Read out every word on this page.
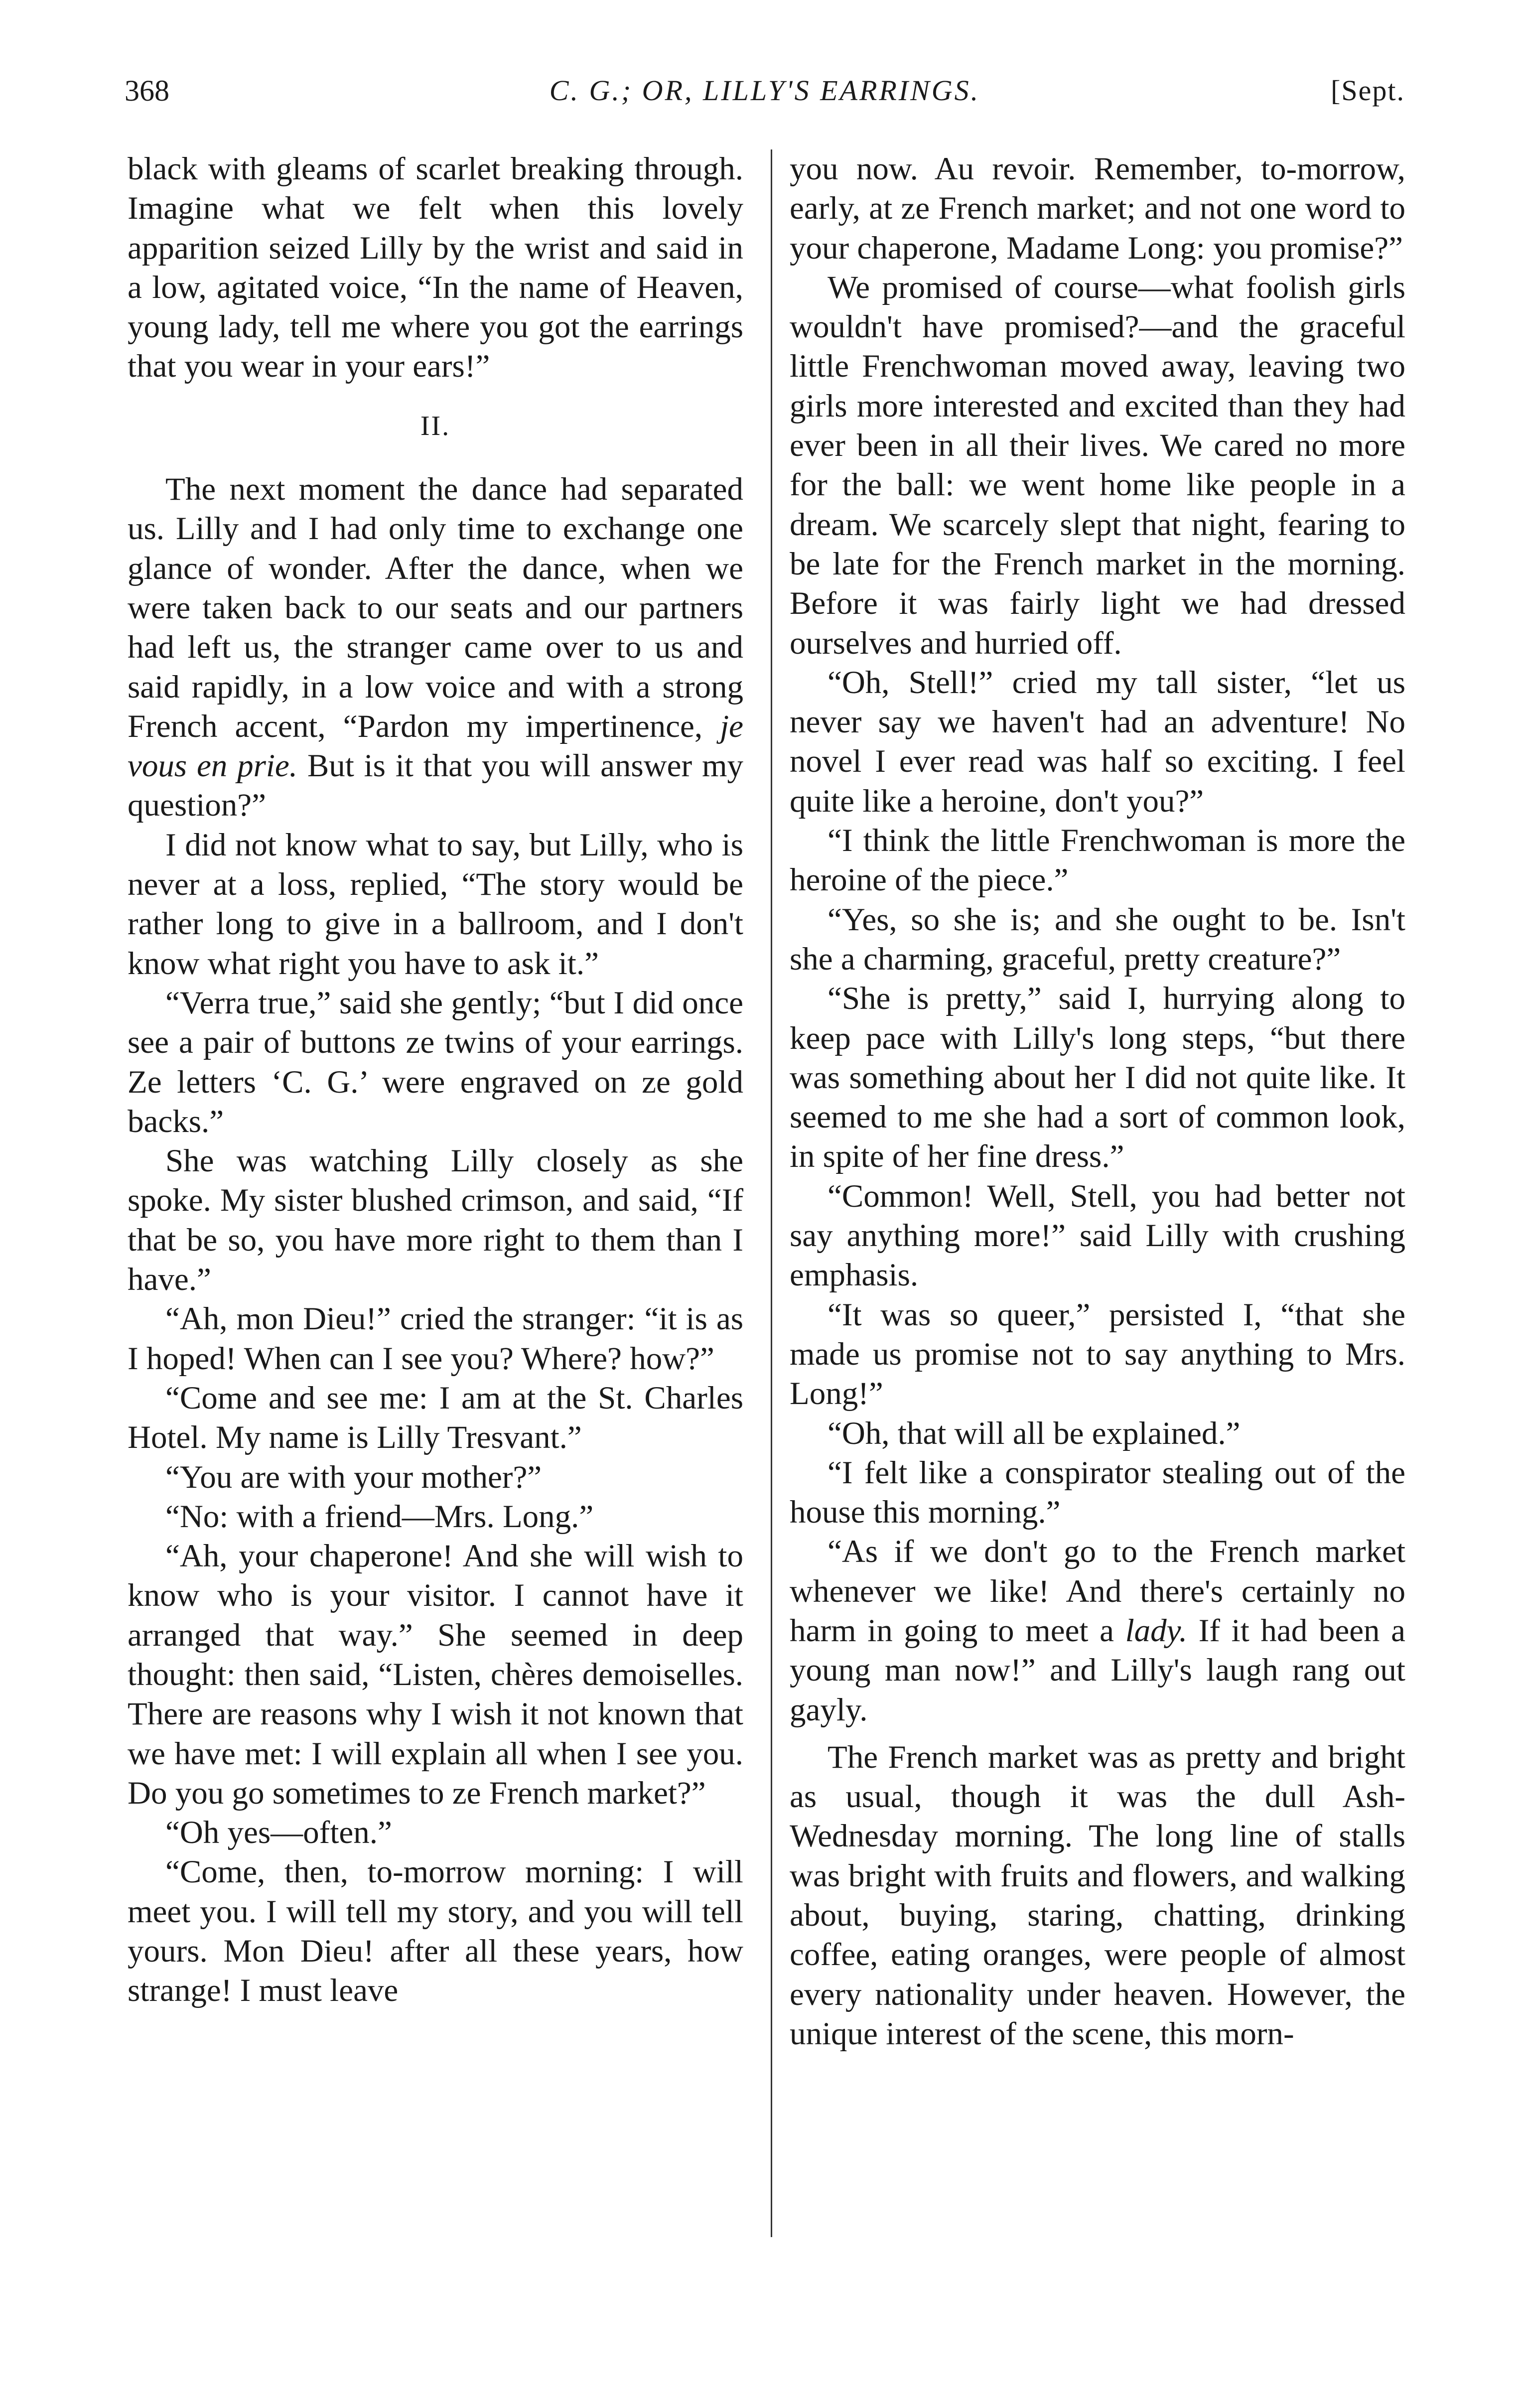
368	C. G.; OR, LILLY'S EARRINGS.	[Sept.

black with gleams of scarlet breaking through. Imagine what we felt when this lovely apparition seized Lilly by the wrist and said in a low, agitated voice, “In the name of Heaven, young lady, tell me where you got the earrings that you wear in your ears!”

II.

The next moment the dance had separated us. Lilly and I had only time to exchange one glance of wonder. After the dance, when we were taken back to our seats and our partners had left us, the stranger came over to us and said rapidly, in a low voice and with a strong French accent, “Pardon my impertinence, je vous en prie. But is it that you will answer my question?”

I did not know what to say, but Lilly, who is never at a loss, replied, “The story would be rather long to give in a ballroom, and I don't know what right you have to ask it.”

“Verra true,” said she gently; “but I did once see a pair of buttons ze twins of your earrings. Ze letters ‘C. G.’ were engraved on ze gold backs.”

She was watching Lilly closely as she spoke. My sister blushed crimson, and said, “If that be so, you have more right to them than I have.”

“Ah, mon Dieu!” cried the stranger: “it is as I hoped! When can I see you? Where? how?”

“Come and see me: I am at the St. Charles Hotel. My name is Lilly Tresvant.”

“You are with your mother?”

“No: with a friend—Mrs. Long.”

“Ah, your chaperone! And she will wish to know who is your visitor. I cannot have it arranged that way.” She seemed in deep thought: then said, “Listen, chères demoiselles. There are reasons why I wish it not known that we have met: I will explain all when I see you. Do you go sometimes to ze French market?”

“Oh yes—often.”

“Come, then, to-morrow morning: I will meet you. I will tell my story, and you will tell yours. Mon Dieu! after all these years, how strange! I must leave

you now. Au revoir. Remember, to-morrow, early, at ze French market; and not one word to your chaperone, Madame Long: you promise?”

We promised of course—what foolish girls wouldn't have promised?—and the graceful little Frenchwoman moved away, leaving two girls more interested and excited than they had ever been in all their lives. We cared no more for the ball: we went home like people in a dream. We scarcely slept that night, fearing to be late for the French market in the morning. Before it was fairly light we had dressed ourselves and hurried off.

“Oh, Stell!” cried my tall sister, “let us never say we haven't had an adventure! No novel I ever read was half so exciting. I feel quite like a heroine, don't you?”

“I think the little Frenchwoman is more the heroine of the piece.”

“Yes, so she is; and she ought to be. Isn't she a charming, graceful, pretty creature?”

“She is pretty,” said I, hurrying along to keep pace with Lilly's long steps, “but there was something about her I did not quite like. It seemed to me she had a sort of common look, in spite of her fine dress.”

“Common! Well, Stell, you had better not say anything more!” said Lilly with crushing emphasis.

“It was so queer,” persisted I, “that she made us promise not to say anything to Mrs. Long!”

“Oh, that will all be explained.”

“I felt like a conspirator stealing out of the house this morning.”

“As if we don't go to the French market whenever we like! And there's certainly no harm in going to meet a lady. If it had been a young man now!” and Lilly's laugh rang out gayly.

The French market was as pretty and bright as usual, though it was the dull Ash-Wednesday morning. The long line of stalls was bright with fruits and flowers, and walking about, buying, staring, chatting, drinking coffee, eating oranges, were people of almost every nationality under heaven. However, the unique interest of the scene, this morn-
